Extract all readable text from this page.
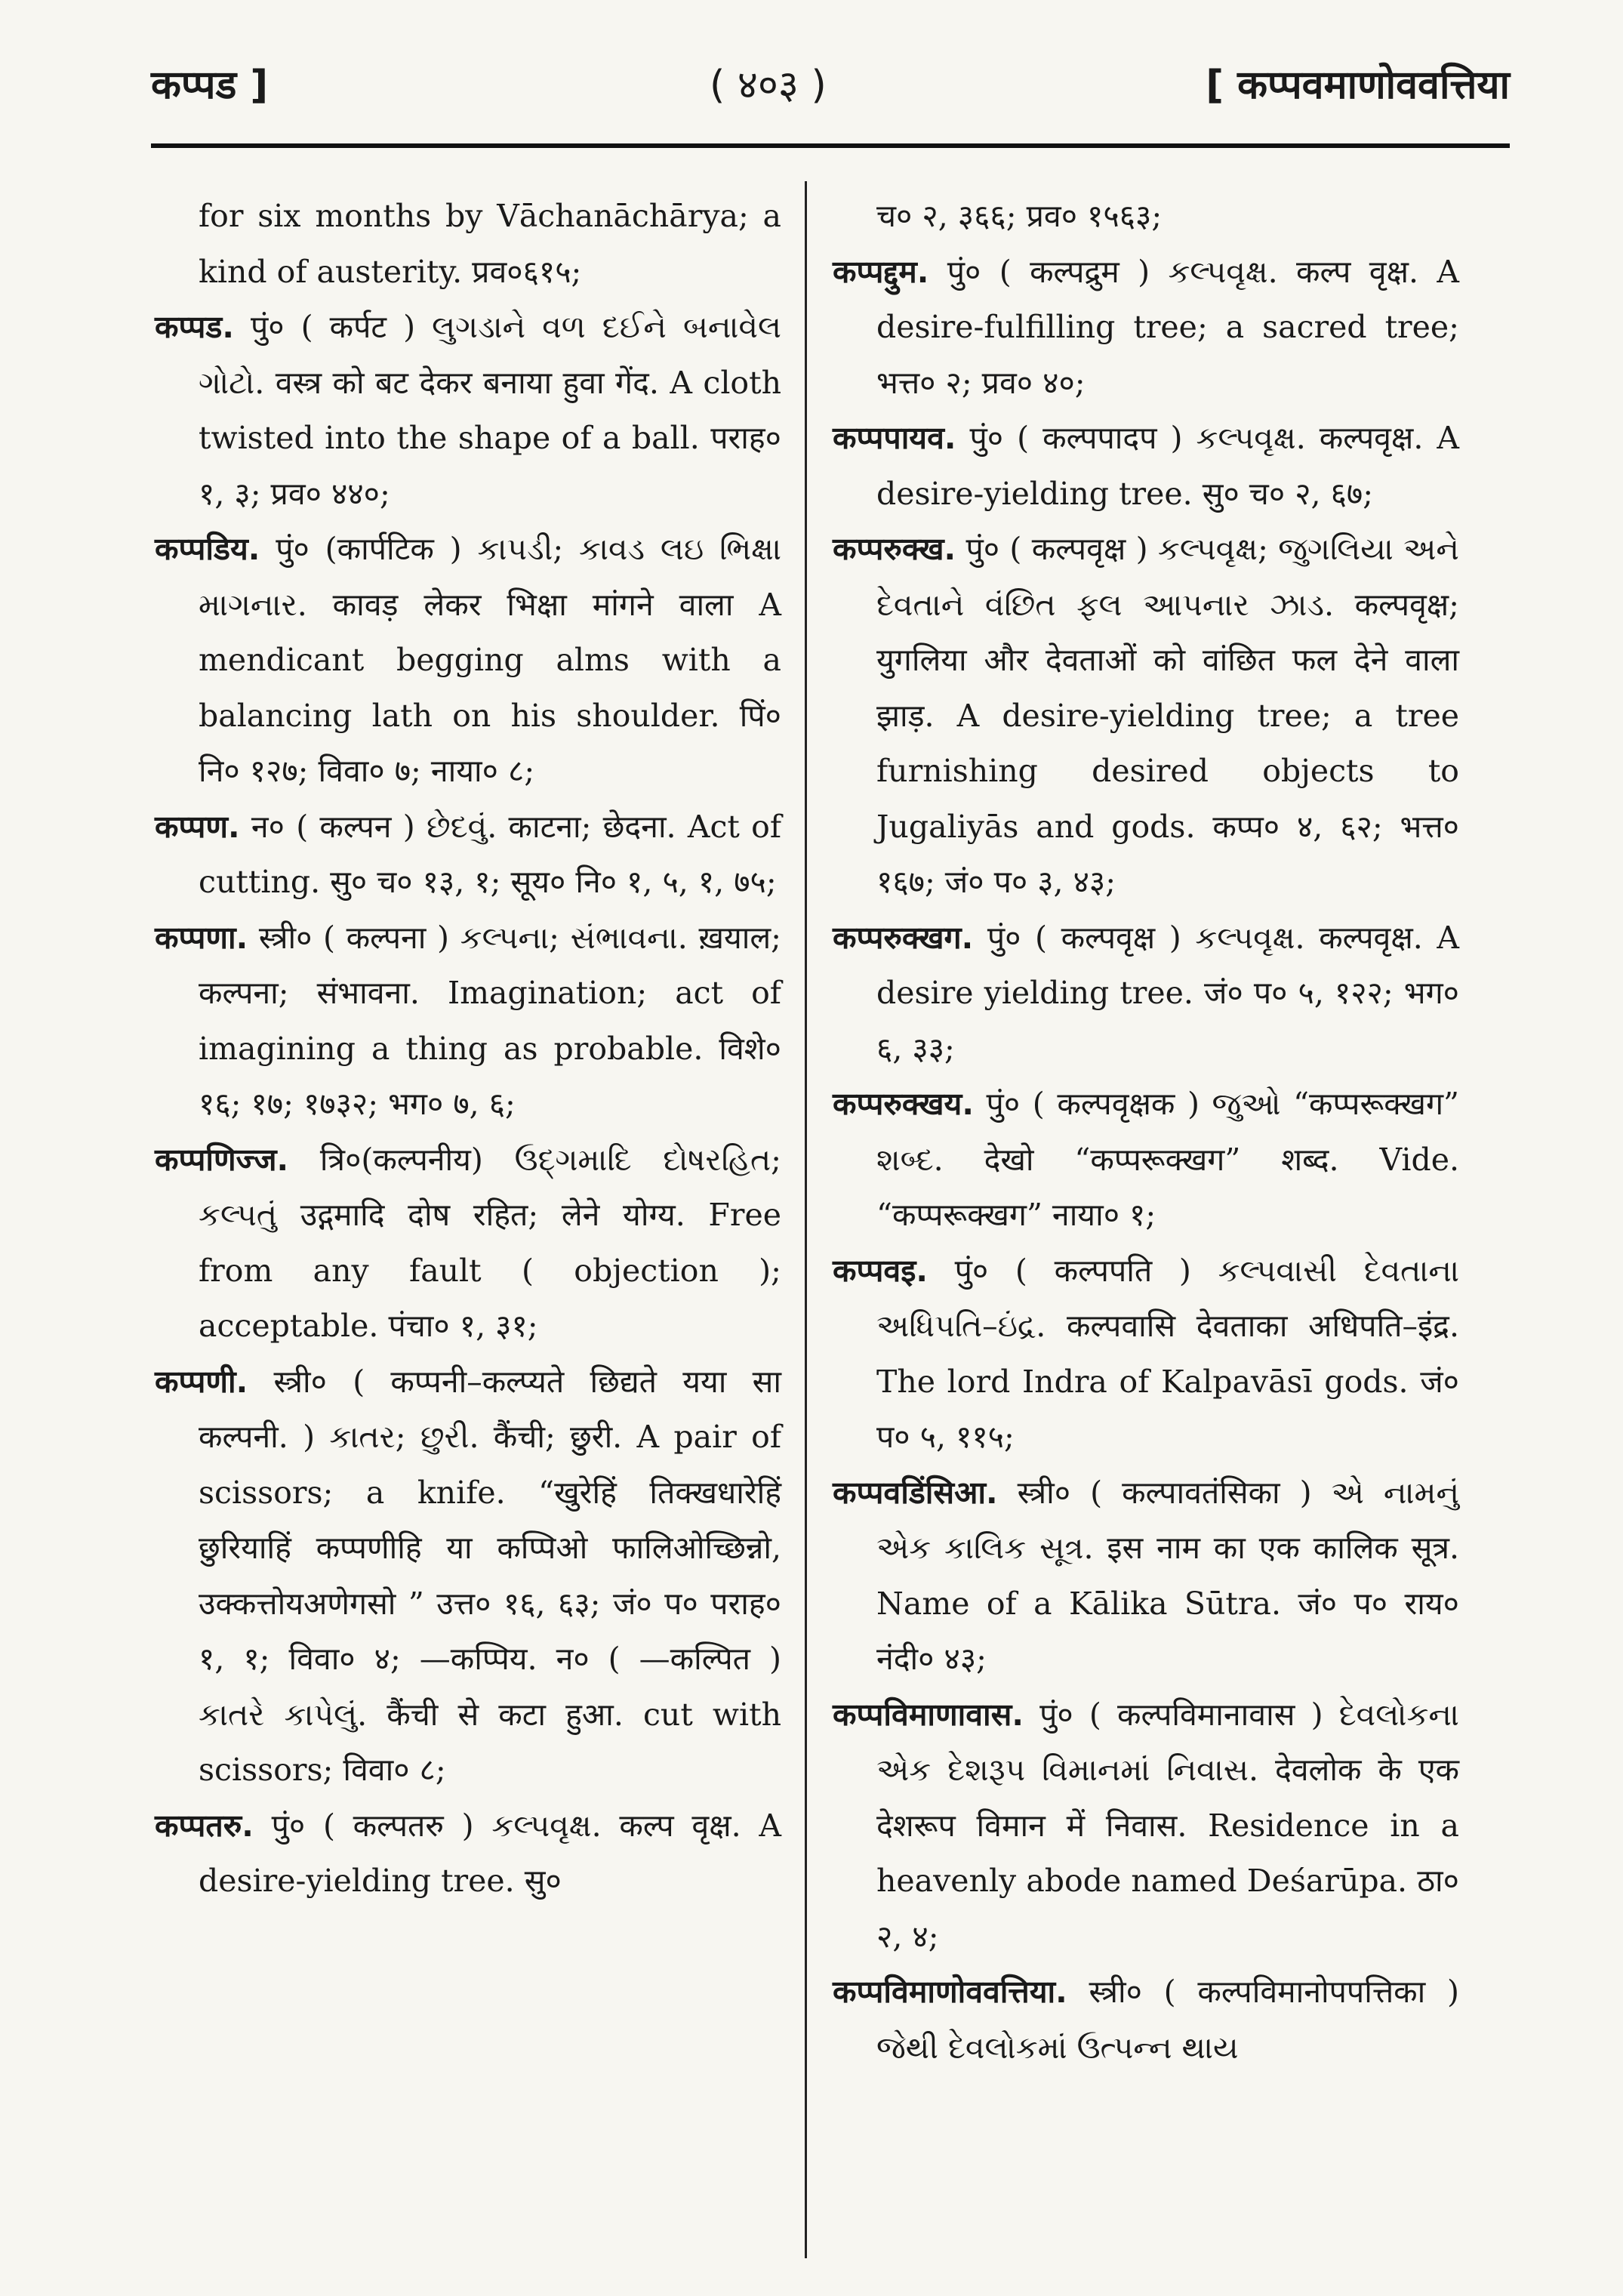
कप्पड ]	( ४०३ )	[ कप्पवमाणोववत्तिया

for six months by Vāchanāchārya; a kind of austerity. प्रव०६१५;

कप्पड. पुं० ( कर्पट ) લુગડાને વળ દઈને બનાવેલ ગોટો. वस्त्र को बट देकर बनाया हुवा गेंद. A cloth twisted into the shape of a ball. पराह० १, ३; प्रव० ४४०;

कप्पडिय. पुं० (कार्पटिक ) કાપડી; કાવડ લઇ ભિક્ષા માગનાર. कावड़ लेकर भिक्षा मांगने वाला A mendicant begging alms with a balancing lath on his shoulder. पिं० नि० १२७; विवा० ७; नाया० ८;

कप्पण. न० ( कल्पन ) છેદવું. काटना; छेदना. Act of cutting. सु० च० १३, १; सूय० नि० १, ५, १, ७५;

कप्पणा. स्त्री० ( कल्पना ) કલ્પના; સંભાવના. ख़याल; कल्पना; संभावना. Imagination; act of imagining a thing as probable. विशे० १६; १७; १७३२; भग० ७, ६;

कप्पणिज्ज. त्रि०(कल्पनीय) ઉદ્ગમાદિ દોષરહિત; કલ્પતું उद्गमादि दोष रहित; लेने योग्य. Free from any fault ( objection ); acceptable. पंचा० १, ३१;

कप्पणी. स्त्री० ( कप्पनी–कल्प्यते छिद्यते यया सा कल्पनी. ) કાતર; છુરી. कैंची; छुरी. A pair of scissors; a knife. “खुरेहिं तिक्खधारेहिं छुरियाहिं कप्पणीहि या कप्पिओ फालिओच्छिन्नो, उक्कत्तोयअणेगसो ” उत्त० १६, ६३; जं० प० पराह० १, १; विवा० ४; —कप्पिय. न० ( —कल्पित ) કાતરે કાપેલું. कैंची से कटा हुआ. cut with scissors; विवा० ८;

कप्पतरु. पुं० ( कल्पतरु ) કલ્પવૃક્ષ. कल्प वृक्ष. A desire-yielding tree. सु०

च० २, ३६६; प्रव० १५६३;

कप्पद्दुम. पुं० ( कल्पद्रुम ) કલ્પવૃક્ષ. कल्प वृक्ष. A desire-fulfilling tree; a sacred tree; भत्त० २; प्रव० ४०;

कप्पपायव. पुं० ( कल्पपादप ) કલ્પવૃક્ષ. कल्पवृक्ष. A desire-yielding tree. सु० च० २, ६७;

कप्परुक्ख. पुं० ( कल्पवृक्ष ) કલ્પવૃક્ષ; જુગલિયા અને દેવતાને વંછિત ફલ આપનાર ઝાડ. कल्पवृक्ष; युगलिया और देवताओं को वांछित फल देने वाला झाड़. A desire-yielding tree; a tree furnishing desired objects to Jugaliyās and gods. कप्प० ४, ६२; भत्त० १६७; जं० प० ३, ४३;

कप्परुक्खग. पुं० ( कल्पवृक्ष ) કલ્પવૃક્ષ. कल्पवृक्ष. A desire yielding tree. जं० प० ५, १२२; भग० ६, ३३;

कप्परुक्खय. पुं० ( कल्पवृक्षक ) જુઓ “कप्परूक्खग” શબ્દ. देखो “कप्परूक्खग” शब्द. Vide. “कप्परूक्खग” नाया० १;

कप्पवइ. पुं० ( कल्पपति ) કલ્પવાસી દેવતાના અધિપતિ–ઇંદ્ર. कल्पवासि देवताका अधिपति–इंद्र. The lord Indra of Kalpavāsī gods. जं० प० ५, ११५;

कप्पवडिंसिआ. स्त्री० ( कल्पावतंसिका ) એ નામનું એક કાલિક સૂત્ર. इस नाम का एक कालिक सूत्र. Name of a Kālika Sūtra. जं० प० राय० नंदी० ४३;

कप्पविमाणावास. पुं० ( कल्पविमानावास ) દેવલોકના એક દેશરૂપ વિમાનમાં નિવાસ. देवलोक के एक देशरूप विमान में निवास. Residence in a heavenly abode named Deśarūpa. ठा० २, ४;

कप्पविमाणोववत्तिया. स्त्री० ( कल्पविमानोपपत्तिका ) જેથી દેવલોકમાં ઉત્પન્ન થાય
